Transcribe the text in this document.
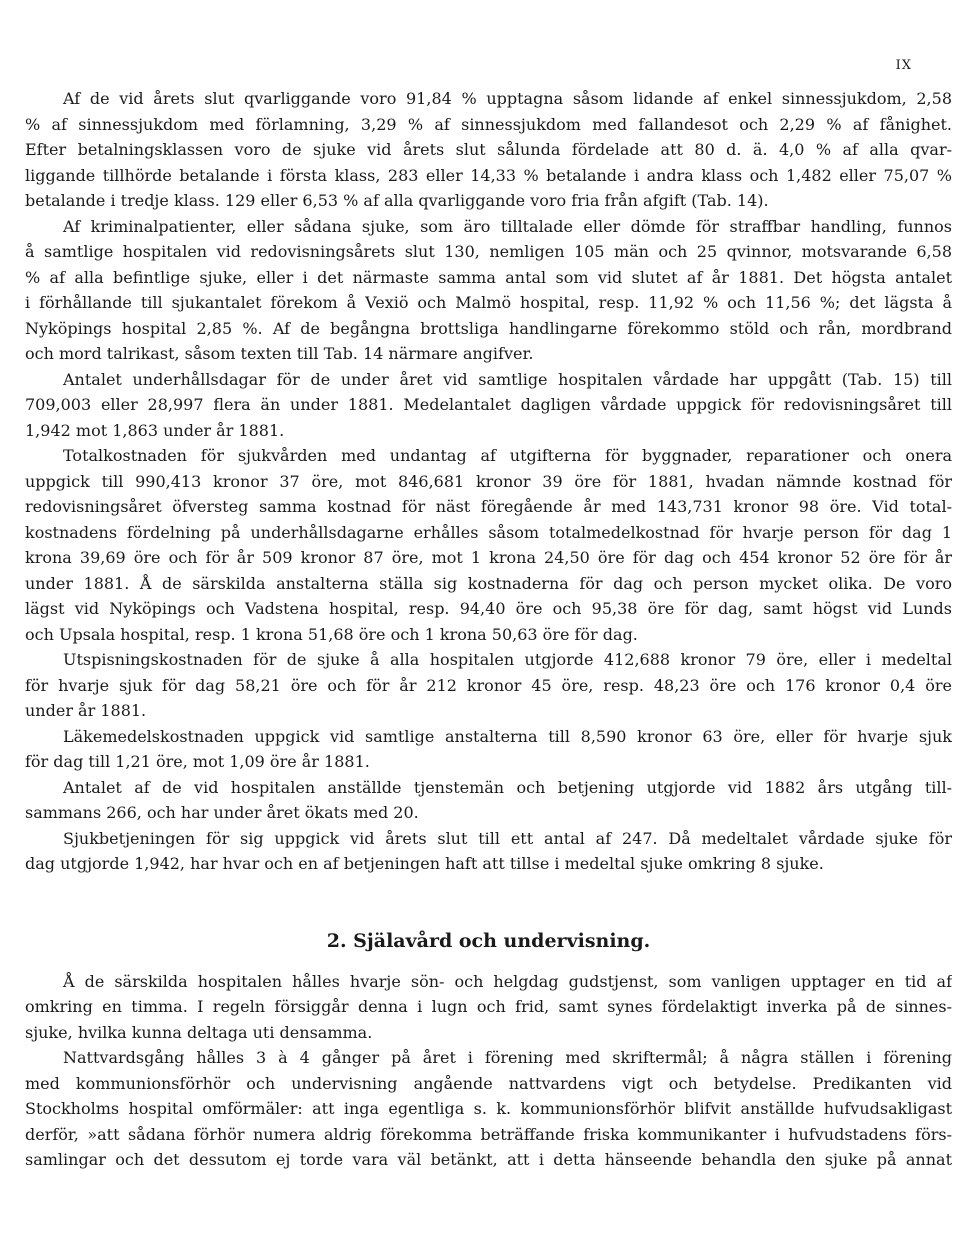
IX
Af de vid årets slut qvarliggande voro 91,84 % upptagna såsom lidande af enkel sinnessjukdom, 2,58
% af sinnessjukdom med förlamning, 3,29 % af sinnessjukdom med fallandesot och 2,29 % af fånighet.
Efter betalningsklassen voro de sjuke vid årets slut sålunda fördelade att 80 d. ä. 4,0 % af alla qvar-
liggande tillhörde betalande i första klass, 283 eller 14,33 % betalande i andra klass och 1,482 eller 75,07 %
betalande i tredje klass. 129 eller 6,53 % af alla qvarliggande voro fria från afgift (Tab. 14).
Af kriminalpatienter, eller sådana sjuke, som äro tilltalade eller dömde för straffbar handling, funnos
å samtlige hospitalen vid redovisningsårets slut 130, nemligen 105 män och 25 qvinnor, motsvarande 6,58
% af alla befintlige sjuke, eller i det närmaste samma antal som vid slutet af år 1881. Det högsta antalet
i förhållande till sjukantalet förekom å Vexiö och Malmö hospital, resp. 11,92 % och 11,56 %; det lägsta å
Nyköpings hospital 2,85 %. Af de begångna brottsliga handlingarne förekommo stöld och rån, mordbrand
och mord talrikast, såsom texten till Tab. 14 närmare angifver.
Antalet underhållsdagar för de under året vid samtlige hospitalen vårdade har uppgått (Tab. 15) till
709,003 eller 28,997 flera än under 1881. Medelantalet dagligen vårdade uppgick för redovisningsåret till
1,942 mot 1,863 under år 1881.
Totalkostnaden för sjukvården med undantag af utgifterna för byggnader, reparationer och onera
uppgick till 990,413 kronor 37 öre, mot 846,681 kronor 39 öre för 1881, hvadan nämnde kostnad för
redovisningsåret öfversteg samma kostnad för näst föregående år med 143,731 kronor 98 öre. Vid total-
kostnadens fördelning på underhållsdagarne erhålles såsom totalmedelkostnad för hvarje person för dag 1
krona 39,69 öre och för år 509 kronor 87 öre, mot 1 krona 24,50 öre för dag och 454 kronor 52 öre för år
under 1881. Å de särskilda anstalterna ställa sig kostnaderna för dag och person mycket olika. De voro
lägst vid Nyköpings och Vadstena hospital, resp. 94,40 öre och 95,38 öre för dag, samt högst vid Lunds
och Upsala hospital, resp. 1 krona 51,68 öre och 1 krona 50,63 öre för dag.
Utspisningskostnaden för de sjuke å alla hospitalen utgjorde 412,688 kronor 79 öre, eller i medeltal
för hvarje sjuk för dag 58,21 öre och för år 212 kronor 45 öre, resp. 48,23 öre och 176 kronor 0,4 öre
under år 1881.
Läkemedelskostnaden uppgick vid samtlige anstalterna till 8,590 kronor 63 öre, eller för hvarje sjuk
för dag till 1,21 öre, mot 1,09 öre år 1881.
Antalet af de vid hospitalen anställde tjenstemän och betjening utgjorde vid 1882 års utgång till-
sammans 266, och har under året ökats med 20.
Sjukbetjeningen för sig uppgick vid årets slut till ett antal af 247. Då medeltalet vårdade sjuke för
dag utgjorde 1,942, har hvar och en af betjeningen haft att tillse i medeltal sjuke omkring 8 sjuke.
2. Själavård och undervisning.
Å de särskilda hospitalen hålles hvarje sön- och helgdag gudstjenst, som vanligen upptager en tid af
omkring en timma. I regeln försiggår denna i lugn och frid, samt synes fördelaktigt inverka på de sinnes-
sjuke, hvilka kunna deltaga uti densamma.
Nattvardsgång hålles 3 à 4 gånger på året i förening med skriftermål; å några ställen i förening
med kommunionsförhör och undervisning angående nattvardens vigt och betydelse. Predikanten vid
Stockholms hospital omförmäler: att inga egentliga s. k. kommunionsförhör blifvit anställde hufvudsakligast
derför, »att sådana förhör numera aldrig förekomma beträffande friska kommunikanter i hufvudstadens förs-
samlingar och det dessutom ej torde vara väl betänkt, att i detta hänseende behandla den sjuke på annat
